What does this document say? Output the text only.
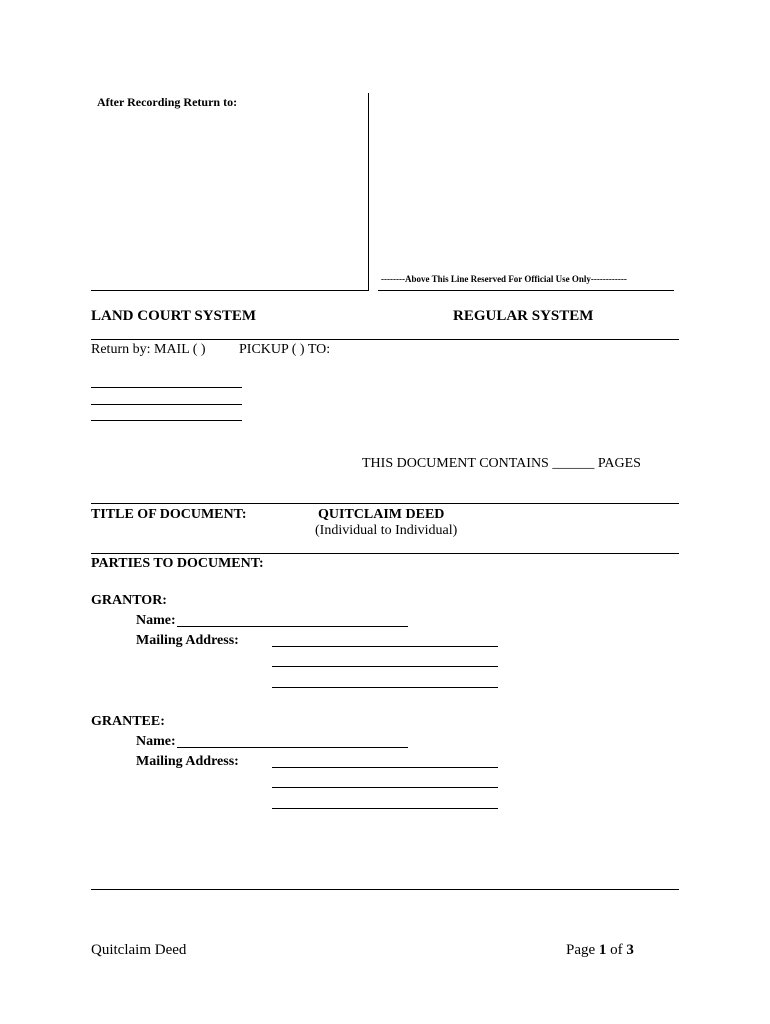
After Recording Return to:
--------Above This Line Reserved For Official Use Only------------
LAND COURT SYSTEM	REGULAR SYSTEM
Return by: MAIL ( ) PICKUP ( ) TO:
THIS DOCUMENT CONTAINS ______ PAGES
TITLE OF DOCUMENT:	QUITCLAIM DEED
(Individual to Individual)
PARTIES TO DOCUMENT:
GRANTOR:
Name:
Mailing Address:
GRANTEE:
Name:
Mailing Address:
Quitclaim Deed	Page 1 of 3
